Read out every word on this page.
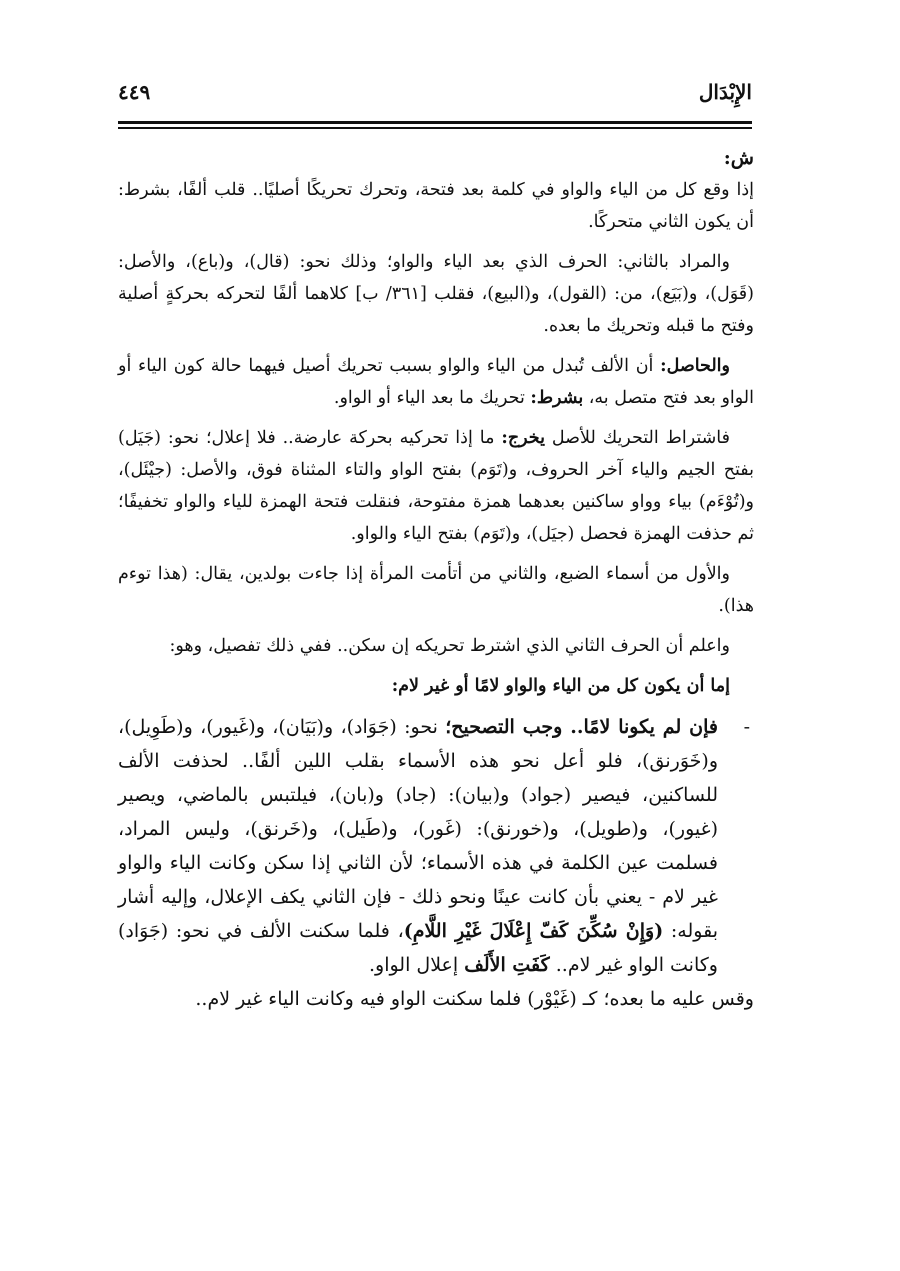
الإِبْدَال
٤٤٩
ش:

إذا وقع كل من الياء والواو في كلمة بعد فتحة، وتحرك تحريكًا أصليًا.. قلب ألفًا، بشرط: أن يكون الثاني متحركًا.

والمراد بالثاني: الحرف الذي بعد الياء والواو؛ وذلك نحو: (قال)، و(باع)، والأصل: (قَوَل)، و(بَيَع)، من: (القول)، و(البيع)، فقلب [٣٦١/ ب] كلاهما ألفًا لتحركه بحركةٍ أصلية وفتح ما قبله وتحريك ما بعده.

والحاصل: أن الألف تُبدل من الياء والواو بسبب تحريك أصيل فيهما حالة كون الياء أو الواو بعد فتح متصل به، بشرط: تحريك ما بعد الياء أو الواو.

فاشتراط التحريك للأصل يخرج: ما إذا تحركيه بحركة عارضة.. فلا إعلال؛ نحو: (جَيَل) بفتح الجيم والياء آخر الحروف، و(تَوَم) بفتح الواو والتاء المثناة فوق، والأصل: (جيْئَل)، و(تُوْءَم) بياء وواو ساكنين بعدهما همزة مفتوحة، فنقلت فتحة الهمزة للياء والواو تخفيفًا؛ ثم حذفت الهمزة فحصل (جيَل)، و(تَوَم) بفتح الياء والواو.

والأول من أسماء الضبع، والثاني من أتأمت المرأة إذا جاءت بولدين، يقال: (هذا توءم هذا).

واعلم أن الحرف الثاني الذي اشترط تحريكه إن سكن.. ففي ذلك تفصيل، وهو:

إما أن يكون كل من الياء والواو لامًا أو غير لام:

-
فإن لم يكونا لامًا.. وجب التصحيح؛ نحو: (جَوَاد)، و(بَيَان)، و(غَيور)، و(طَوِيل)، و(خَوَرنق)، فلو أعل نحو هذه الأسماء بقلب اللين ألفًا.. لحذفت الألف للساكنين، فيصير (جواد) و(بيان): (جاد) و(بان)، فيلتبس بالماضي، ويصير (غيور)، و(طويل)، و(خورنق): (غَور)، و(طَيل)، و(خَرنق)، وليس المراد، فسلمت عين الكلمة في هذه الأسماء؛ لأن الثاني إذا سكن وكانت الياء والواو غير لام - يعني بأن كانت عينًا ونحو ذلك - فإن الثاني يكف الإعلال، وإليه أشار بقوله: (وَإِنْ سُكِّنَ كَفّ إِعْلَالَ غَيْرِ اللَّامِ)، فلما سكنت الألف في نحو: (جَوَاد) وكانت الواو غير لام.. كَفَتِ الأَلَف إعلال الواو.

وقس عليه ما بعده؛ كـ (غَيْوْر) فلما سكنت الواو فيه وكانت الياء غير لام..
